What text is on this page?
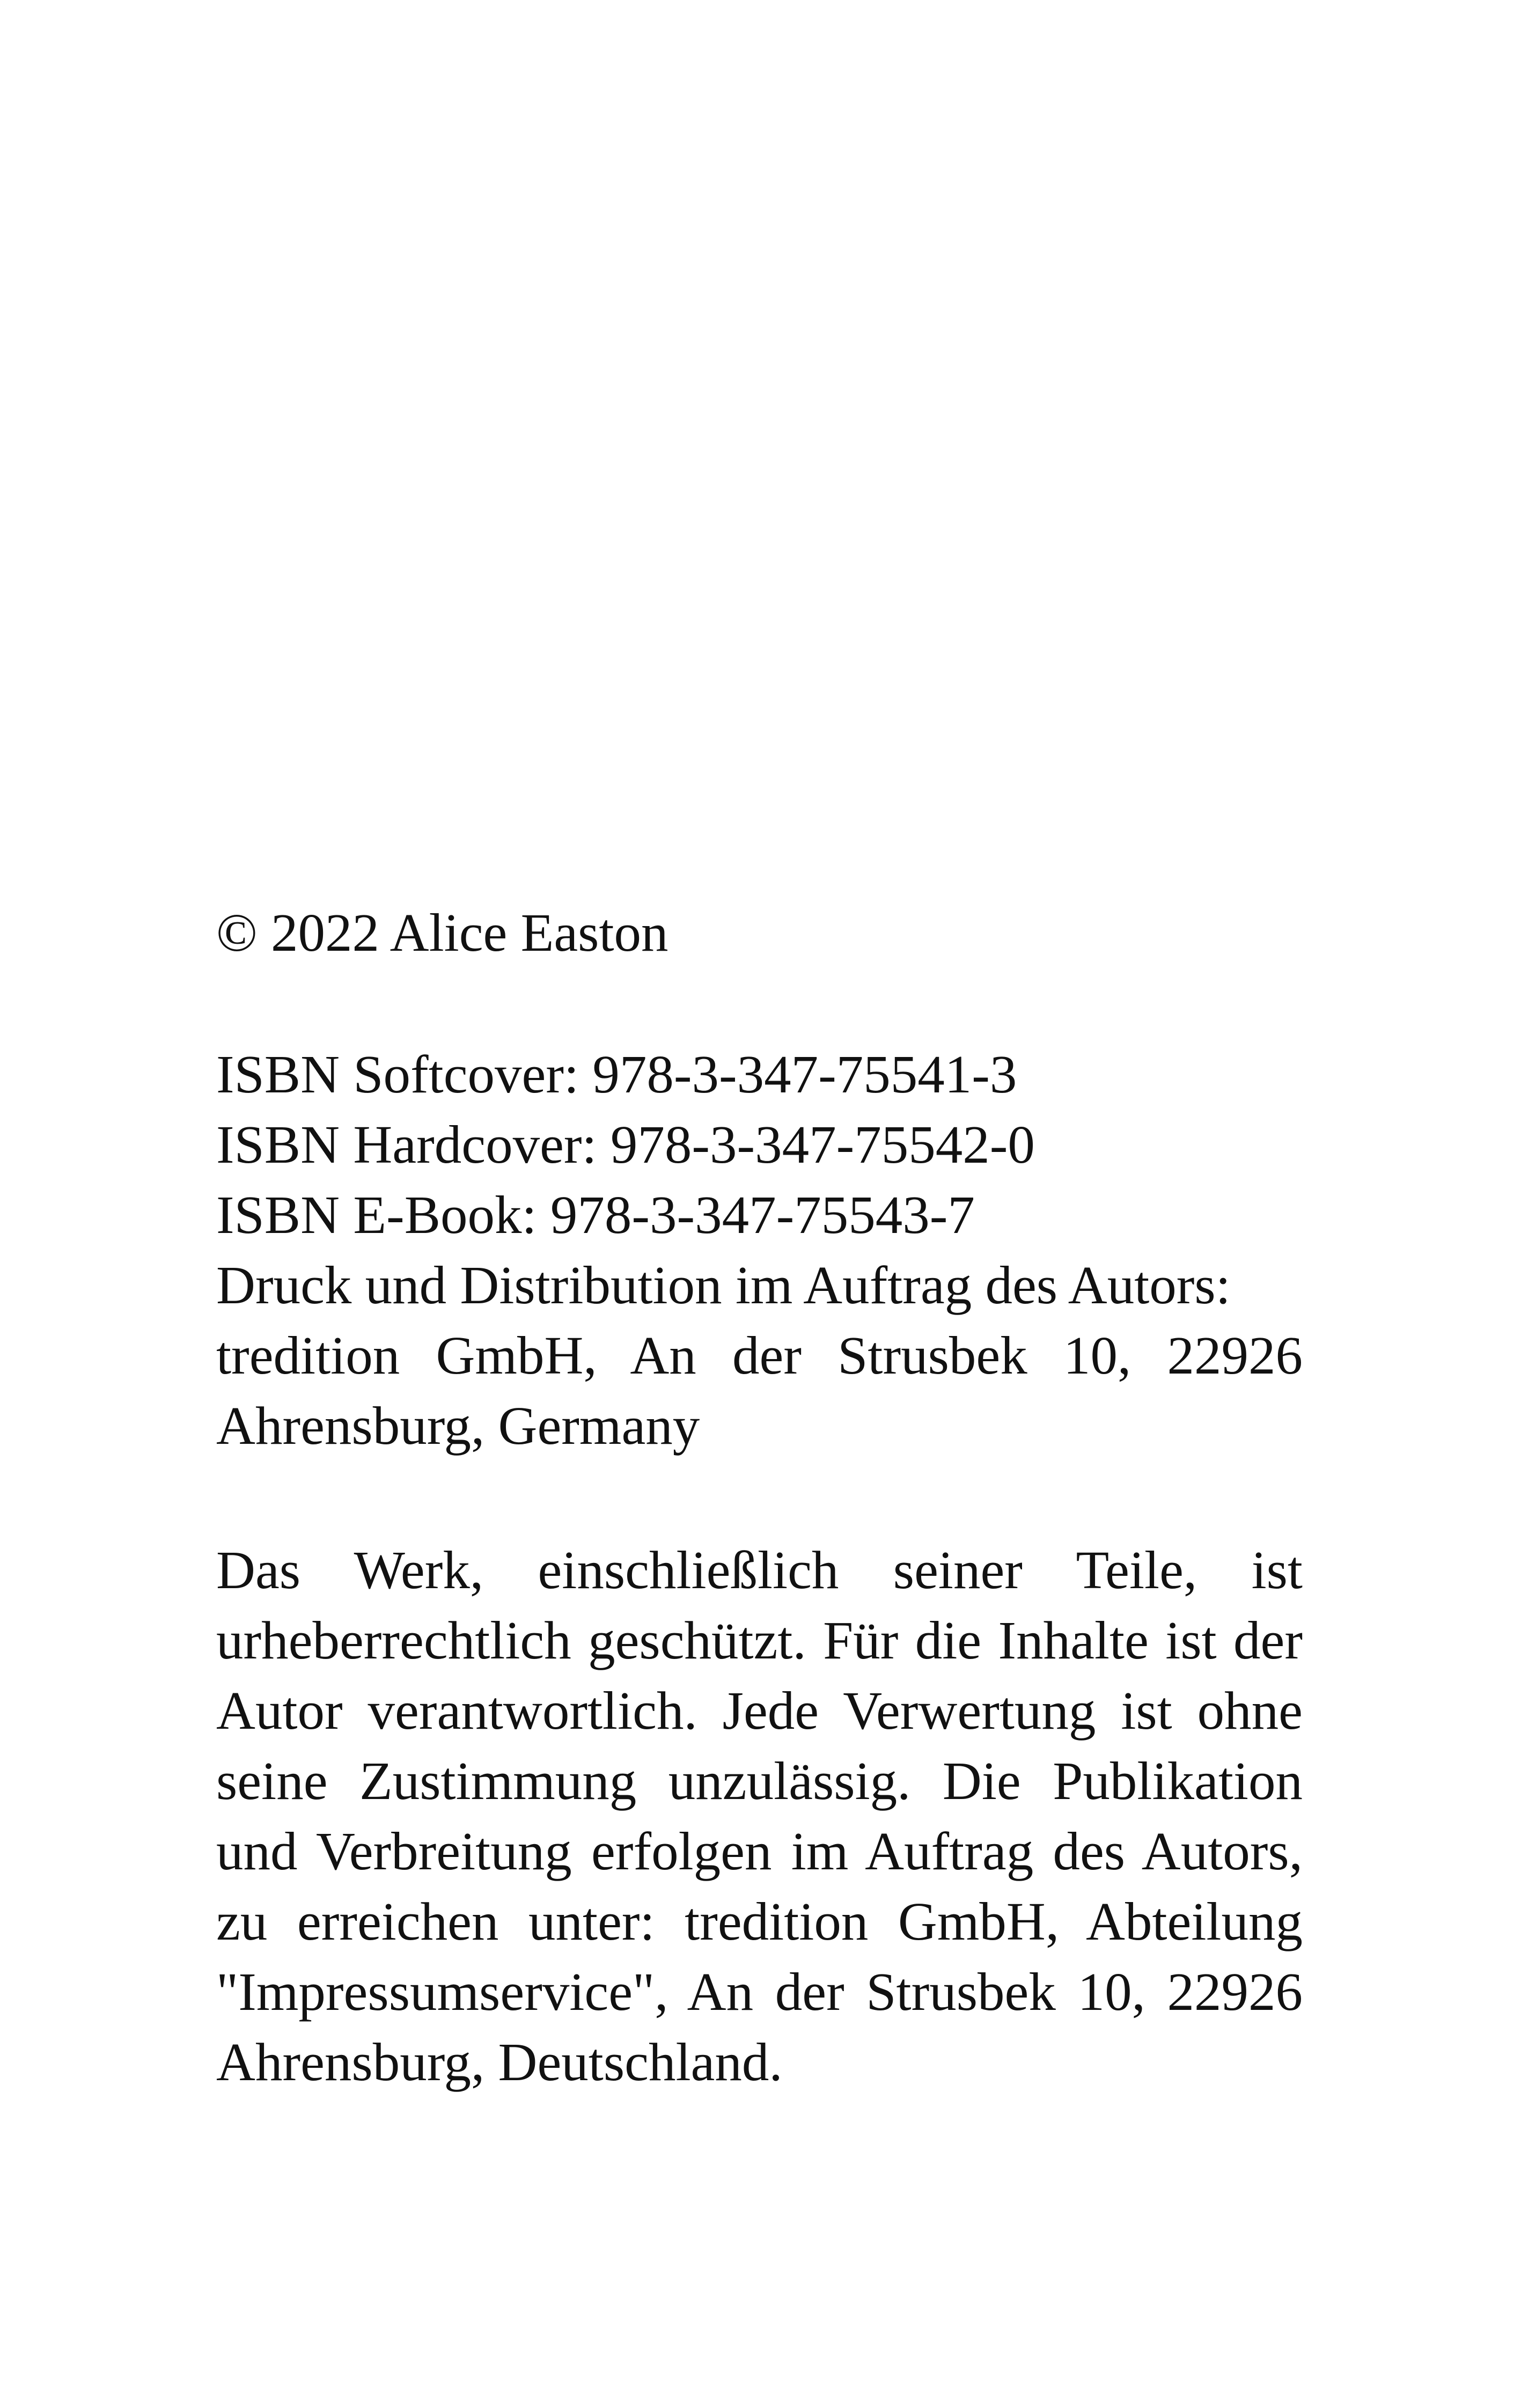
© 2022 Alice Easton
ISBN Softcover: 978-3-347-75541-3
ISBN Hardcover: 978-3-347-75542-0
ISBN E-Book: 978-3-347-75543-7
Druck und Distribution im Auftrag des Autors:
tredition GmbH, An der Strusbek 10, 22926
Ahrensburg, Germany
Das Werk, einschließlich seiner Teile, ist
urheberrechtlich geschützt. Für die Inhalte ist der
Autor verantwortlich. Jede Verwertung ist ohne
seine Zustimmung unzulässig. Die Publikation
und Verbreitung erfolgen im Auftrag des Autors,
zu erreichen unter: tredition GmbH, Abteilung
"Impressumservice", An der Strusbek 10, 22926
Ahrensburg, Deutschland.
